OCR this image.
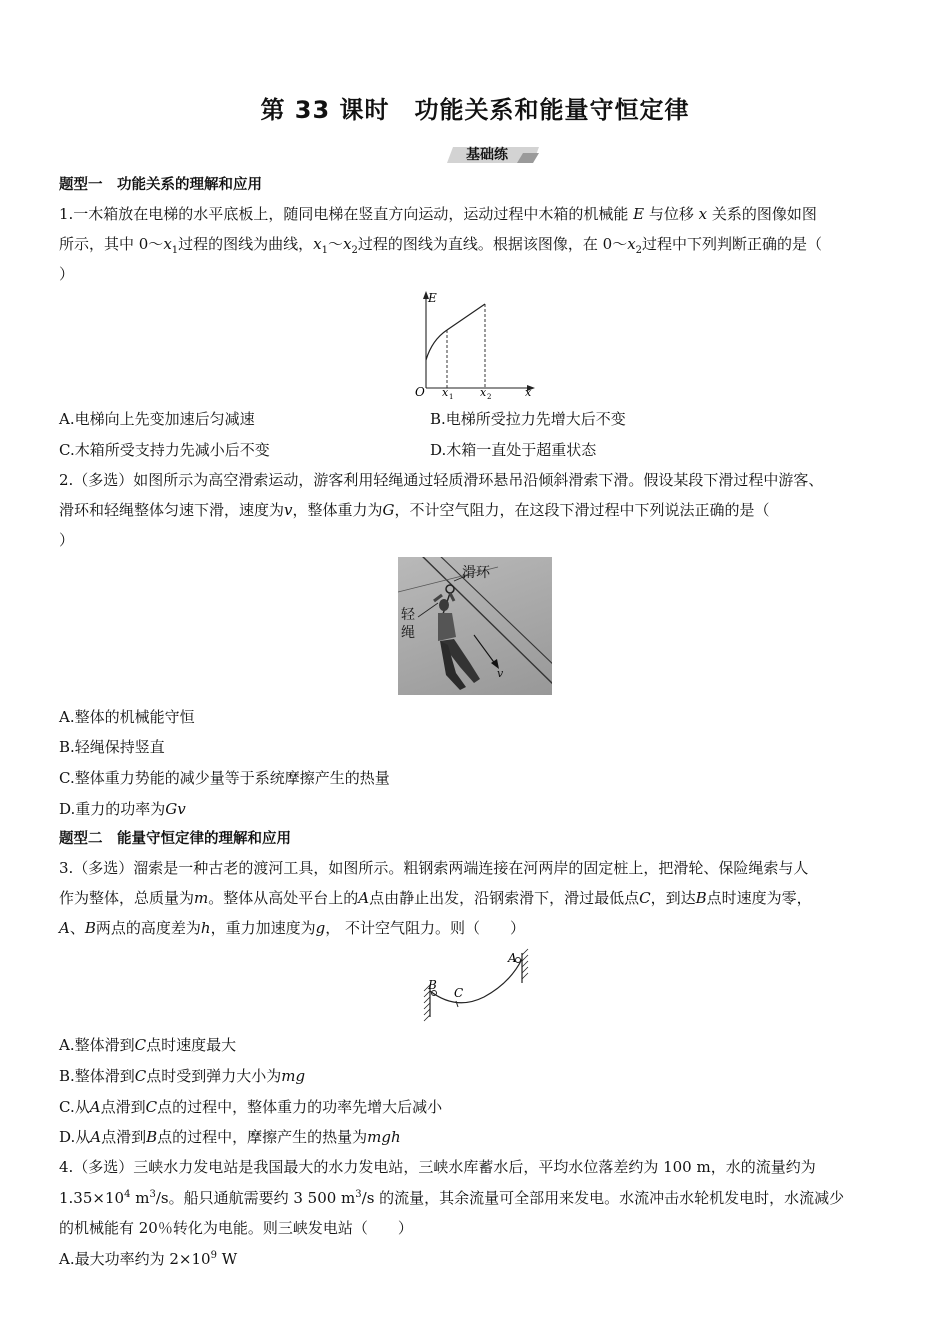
第 33 课时　功能关系和能量守恒定律
基础练
题型一　功能关系的理解和应用
1.一木箱放在电梯的水平底板上，随同电梯在竖直方向运动，运动过程中木箱的机械能 E 与位移 x 关系的图像如图
所示，其中 $0\sim x_1$过程的图线为曲线，$x_1\sim x_2$过程的图线为直线。根据该图像，在 $0\sim x_2$过程中下列判断正确的是（
）
E
O x 1 x 2	x
A.电梯向上先变加速后匀减速	B.电梯所受拉力先增大后不变
C.木箱所受支持力先减小后不变	D.木箱一直处于超重状态
2.（多选）如图所示为高空滑索运动，游客利用轻绳通过轻质滑环悬吊沿倾斜滑索下滑。假设某段下滑过程中游客、
滑环和轻绳整体匀速下滑，速度为v，整体重力为G，不计空气阻力，在这段下滑过程中下列说法正确的是（
）
滑环
轻
绳
v
A.整体的机械能守恒
B.轻绳保持竖直
C.整体重力势能的减少量等于系统摩擦产生的热量
D.重力的功率为Gv
题型二　能量守恒定律的理解和应用
3.（多选）溜索是一种古老的渡河工具，如图所示。粗钢索两端连接在河两岸的固定桩上，把滑轮、保险绳索与人
作为整体，总质量为m。整体从高处平台上的A点由静止出发，沿钢索滑下，滑过最低点C，到达B点时速度为零，
A、B两点的高度差为h，重力加速度为g， 不计空气阻力。则（　　）
A
B
C
A.整体滑到C点时速度最大
B.整体滑到C点时受到弹力大小为mg
C.从A点滑到C点的过程中，整体重力的功率先增大后减小
D.从A点滑到B点的过程中，摩擦产生的热量为mgh
4.（多选）三峡水力发电站是我国最大的水力发电站，三峡水库蓄水后，平均水位落差约为 100 m，水的流量约为
$1.35\times 10^4$ $m^3/s$。船只通航需要约 3 500 $m^3/s$ 的流量，其余流量可全部用来发电。水流冲击水轮机发电时，水流减少
的机械能有 20％转化为电能。则三峡发电站（　　）
A.最大功率约为 $2\times 10^9$ W
